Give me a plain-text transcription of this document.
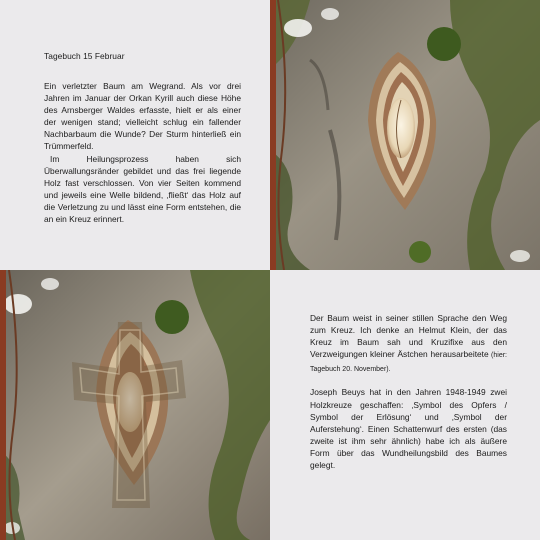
Tagebuch 15 Februar

Ein verletzter Baum am Wegrand. Als vor drei Jahren im Januar der Orkan Kyrill auch diese Höhe des Arnsberger Waldes erfasste, hielt er als einer der wenigen stand; vielleicht schlug ein fallender Nachbarbaum die Wunde? Der Sturm hinterließ ein Trümmerfeld.

Im Heilungsprozess haben sich Überwallungsränder gebildet und das frei liegende Holz fast verschlossen. Von vier Seiten kommend und jeweils eine Welle bildend, ‚fließt‘ das Holz auf die Verletzung zu und lässt eine Form entstehen, die an ein Kreuz erinnert.

Der Baum weist in seiner stillen Sprache den Weg zum Kreuz. Ich denke an Helmut Klein, der das Kreuz im Baum sah und Kruzifixe aus den Verzweigungen kleiner Ästchen herausarbeitete (hier: Tagebuch 20. November).

Joseph Beuys hat in den Jahren 1948-1949 zwei Holzkreuze geschaffen: ‚Symbol des Opfers / Symbol der Erlösung‘ und ‚Symbol der Auferstehung‘. Einen Schattenwurf des ersten (das zweite ist ihm sehr ähnlich) habe ich als äußere Form über das Wundheilungsbild des Baumes gelegt.
